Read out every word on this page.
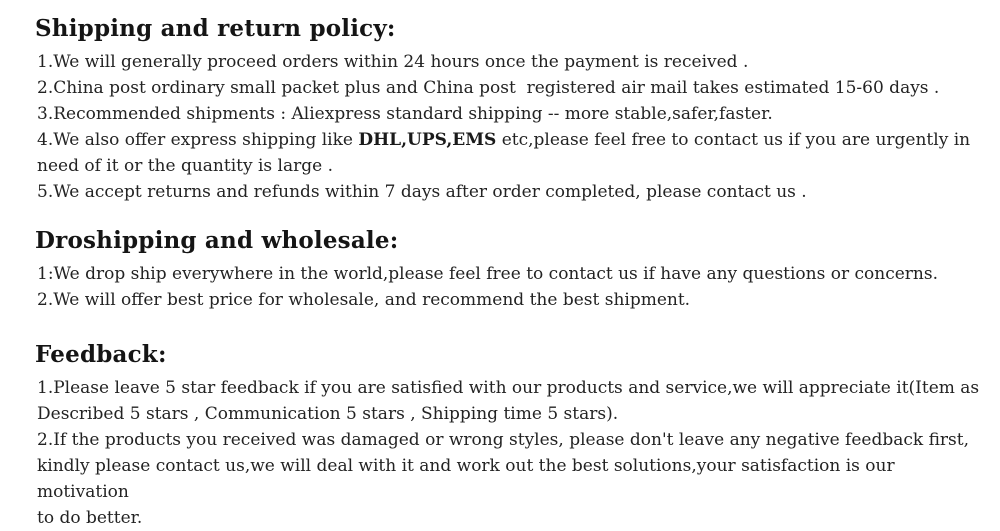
Shipping and return policy:

1.We will generally proceed orders within 24 hours once the payment is received .

2.China post ordinary small packet plus and China post  registered air mail takes estimated 15-60 days .

3.Recommended shipments : Aliexpress standard shipping -- more stable,safer,faster.

4.We also offer express shipping like DHL,UPS,EMS etc,please feel free to contact us if you are urgently in

need of it or the quantity is large .

5.We accept returns and refunds within 7 days after order completed, please contact us .

Droshipping and wholesale:

1:We drop ship everywhere in the world,please feel free to contact us if have any questions or concerns.

2.We will offer best price for wholesale, and recommend the best shipment.

Feedback:

1.Please leave 5 star feedback if you are satisfied with our products and service,we will appreciate it(Item as

Described 5 stars , Communication 5 stars , Shipping time 5 stars).

2.If the products you received was damaged or wrong styles, please don't leave any negative feedback first,

kindly please contact us,we will deal with it and work out the best solutions,your satisfaction is our motivation

to do better.
